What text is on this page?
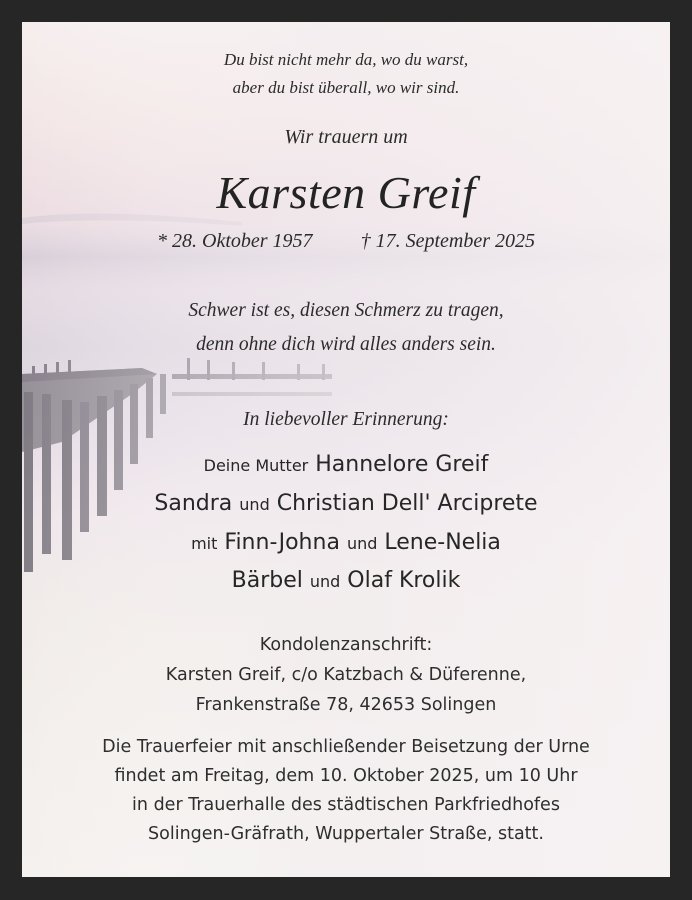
Du bist nicht mehr da, wo du warst,
aber du bist überall, wo wir sind.
Wir trauern um
Karsten Greif
* 28. Oktober 1957 † 17. September 2025
Schwer ist es, diesen Schmerz zu tragen,
denn ohne dich wird alles anders sein.
In liebevoller Erinnerung:
Deine Mutter Hannelore Greif
Sandra und Christian Dell' Arciprete
mit Finn-Johna und Lene-Nelia
Bärbel und Olaf Krolik
Kondolenzanschrift:
Karsten Greif, c/o Katzbach & Düferenne,
Frankenstraße 78, 42653 Solingen
Die Trauerfeier mit anschließender Beisetzung der Urne
findet am Freitag, dem 10. Oktober 2025, um 10 Uhr
in der Trauerhalle des städtischen Parkfriedhofes
Solingen-Gräfrath, Wuppertaler Straße, statt.
